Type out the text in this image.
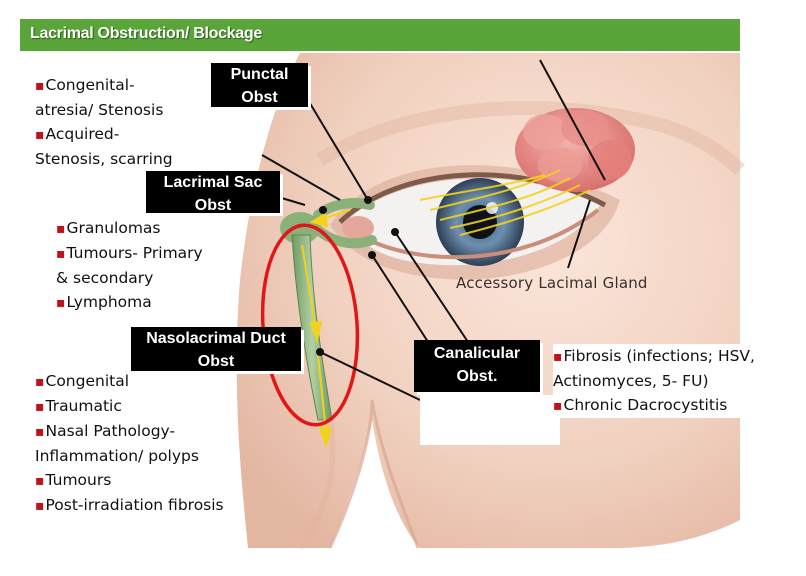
Lacrimal Obstruction/ Blockage
Punctal Obst
Lacrimal Sac Obst
Nasolacrimal Duct Obst	Canalicular Obst.
Accessory Lacimal Gland
▪ Congenital-
atresia/ Stenosis
▪ Acquired-
Stenosis, scarring
▪ Granulomas
▪ Tumours- Primary
& secondary
▪ Lymphoma
▪ Congenital
▪ Traumatic
▪ Nasal Pathology-
Inflammation/ polyps
▪ Tumours
▪ Post-irradiation fibrosis
▪ Fibrosis (infections; HSV,
Actinomyces, 5- FU)
▪ Chronic Dacrocystitis
